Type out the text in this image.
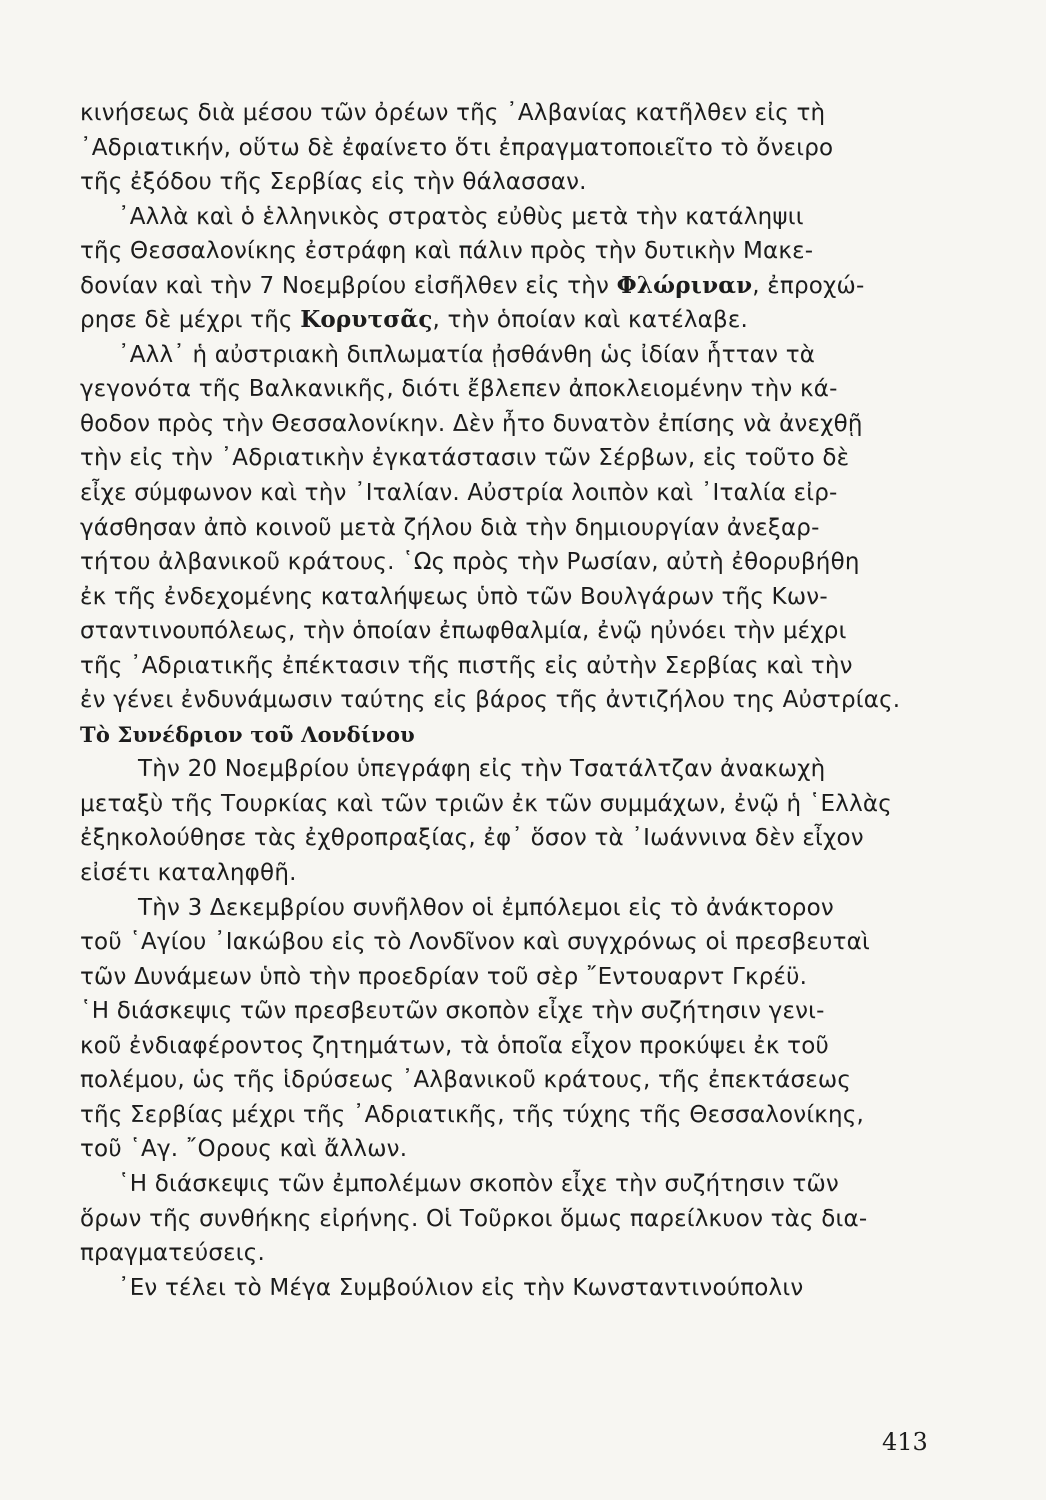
κινήσεως διὰ μέσου τῶν ὀρέων τῆς ᾿Αλβανίας κατῆλθεν εἰς τὴ
᾿Αδριατικήν, οὕτω δὲ ἐφαίνετο ὅτι ἐπραγματοποιεῖτο τὸ ὄνειρο
τῆς ἐξόδου τῆς Σερβίας εἰς τὴν θάλασσαν.
᾿Αλλὰ καὶ ὁ ἑλληνικὸς στρατὸς εὐθὺς μετὰ τὴν κατάληψιι
τῆς Θεσσαλονίκης ἐστράφη καὶ πάλιν πρὸς τὴν δυτικὴν Μακε-
δονίαν καὶ τὴν 7 Νοεμβρίου εἰσῆλθεν εἰς τὴν Φλώριναν, ἐπροχώ-
ρησε δὲ μέχρι τῆς Κορυτσᾶς, τὴν ὁποίαν καὶ κατέλαβε.
᾿Αλλ᾿ ἡ αὐστριακὴ διπλωματία ᾐσθάνθη ὡς ἰδίαν ἧτταν τὰ
γεγονότα τῆς Βαλκανικῆς, διότι ἔβλεπεν ἀποκλειομένην τὴν κά-
θοδον πρὸς τὴν Θεσσαλονίκην. Δὲν ἦτο δυνατὸν ἐπίσης νὰ ἀνεχθῇ
τὴν εἰς τὴν ᾿Αδριατικὴν ἐγκατάστασιν τῶν Σέρβων, εἰς τοῦτο δὲ
εἶχε σύμφωνον καὶ τὴν ᾿Ιταλίαν. Αὐστρία λοιπὸν καὶ ᾿Ιταλία εἰρ-
γάσθησαν ἀπὸ κοινοῦ μετὰ ζήλου διὰ τὴν δημιουργίαν ἀνεξαρ-
τήτου ἀλβανικοῦ κράτους. ῾Ως πρὸς τὴν Ρωσίαν, αὐτὴ ἐθορυβήθη
ἐκ τῆς ἐνδεχομένης καταλήψεως ὑπὸ τῶν Βουλγάρων τῆς Κων-
σταντινουπόλεως, τὴν ὁποίαν ἐπωφθαλμία, ἐνῷ ηὐνόει τὴν μέχρι
τῆς ᾿Αδριατικῆς ἐπέκτασιν τῆς πιστῆς εἰς αὐτὴν Σερβίας καὶ τὴν
ἐν γένει ἐνδυνάμωσιν ταύτης εἰς βάρος τῆς ἀντιζήλου της Αὐστρίας.
Τὸ Συνέδριον τοῦ Λονδίνου
Τὴν 20 Νοεμβρίου ὑπεγράφη εἰς τὴν Τσατάλτζαν ἀνακωχὴ
μεταξὺ τῆς Τουρκίας καὶ τῶν τριῶν ἐκ τῶν συμμάχων, ἐνῷ ἡ ῾Ελλὰς
ἐξηκολούθησε τὰς ἐχθροπραξίας, ἐφ᾿ ὅσον τὰ ᾿Ιωάννινα δὲν εἶχον
εἰσέτι καταληφθῆ.
Τὴν 3 Δεκεμβρίου συνῆλθον οἱ ἐμπόλεμοι εἰς τὸ ἀνάκτορον
τοῦ ῾Αγίου ᾿Ιακώβου εἰς τὸ Λονδῖνον καὶ συγχρόνως οἱ πρεσβευταὶ
τῶν Δυνάμεων ὑπὸ τὴν προεδρίαν τοῦ σὲρ ῎Εντουαρντ Γκρέϋ.
῾Η διάσκεψις τῶν πρεσβευτῶν σκοπὸν εἶχε τὴν συζήτησιν γενι-
κοῦ ἐνδιαφέροντος ζητημάτων, τὰ ὁποῖα εἶχον προκύψει ἐκ τοῦ
πολέμου, ὡς τῆς ἱδρύσεως ᾿Αλβανικοῦ κράτους, τῆς ἐπεκτάσεως
τῆς Σερβίας μέχρι τῆς ᾿Αδριατικῆς, τῆς τύχης τῆς Θεσσαλονίκης,
τοῦ ῾Αγ. ῎Ορους καὶ ἄλλων.
῾Η διάσκεψις τῶν ἐμπολέμων σκοπὸν εἶχε τὴν συζήτησιν τῶν
ὅρων τῆς συνθήκης εἰρήνης. Οἱ Τοῦρκοι ὅμως παρείλκυον τὰς δια-
πραγματεύσεις.
᾿Εν τέλει τὸ Μέγα Συμβούλιον εἰς τὴν Κωνσταντινούπολιν
413
